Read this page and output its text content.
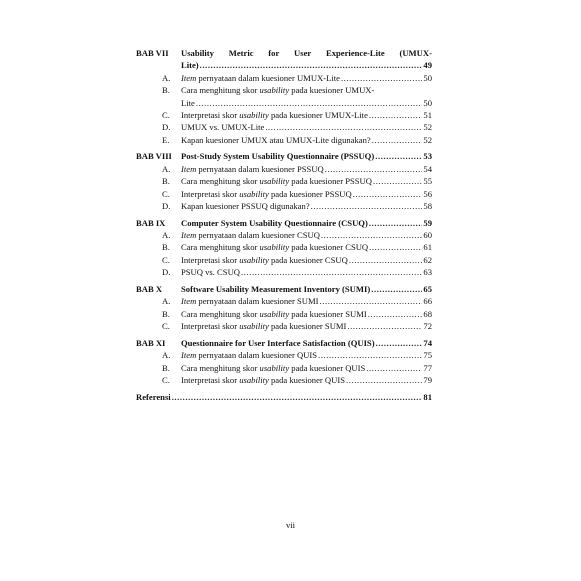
BAB VII	Usability Metric for User Experience-Lite (UMUX-
Lite) .....	49
A.	Item pernyataan dalam kuesioner UMUX-Lite .....	50
B.	Cara menghitung skor usability pada kuesioner UMUX-
Lite .....	50
C.	Interpretasi skor usability pada kuesioner UMUX-Lite .....	51
D.	UMUX vs. UMUX-Lite .....	52
E.	Kapan kuesioner UMUX atau UMUX-Lite digunakan? .....	52
BAB VIII	Post-Study System Usability Questionnaire (PSSUQ) .....	53
A.	Item pernyataan dalam kuesioner PSSUQ .....	54
B.	Cara menghitung skor usability pada kuesioner PSSUQ .....	55
C.	Interpretasi skor usability pada kuesioner PSSUQ .....	56
D.	Kapan kuesioner PSSUQ digunakan? .....	58
BAB IX	Computer System Usability Questionnaire (CSUQ) .....	59
A.	Item pernyataan dalam kuesioner CSUQ .....	60
B.	Cara menghitung skor usability pada kuesioner CSUQ .....	61
C.	Interpretasi skor usability pada kuesioner CSUQ .....	62
D.	PSUQ vs. CSUQ .....	63
BAB X	Software Usability Measurement Inventory (SUMI) .....	65
A.	Item pernyataan dalam kuesioner SUMI .....	66
B.	Cara menghitung skor usability pada kuesioner SUMI .....	68
C.	Interpretasi skor usability pada kuesioner SUMI .....	72
BAB XI	Questionnaire for User Interface Satisfaction (QUIS) .....	74
A.	Item pernyataan dalam kuesioner QUIS .....	75
B.	Cara menghitung skor usability pada kuesioner QUIS .....	77
C.	Interpretasi skor usability pada kuesioner QUIS .....	79
Referensi .....	81
vii
